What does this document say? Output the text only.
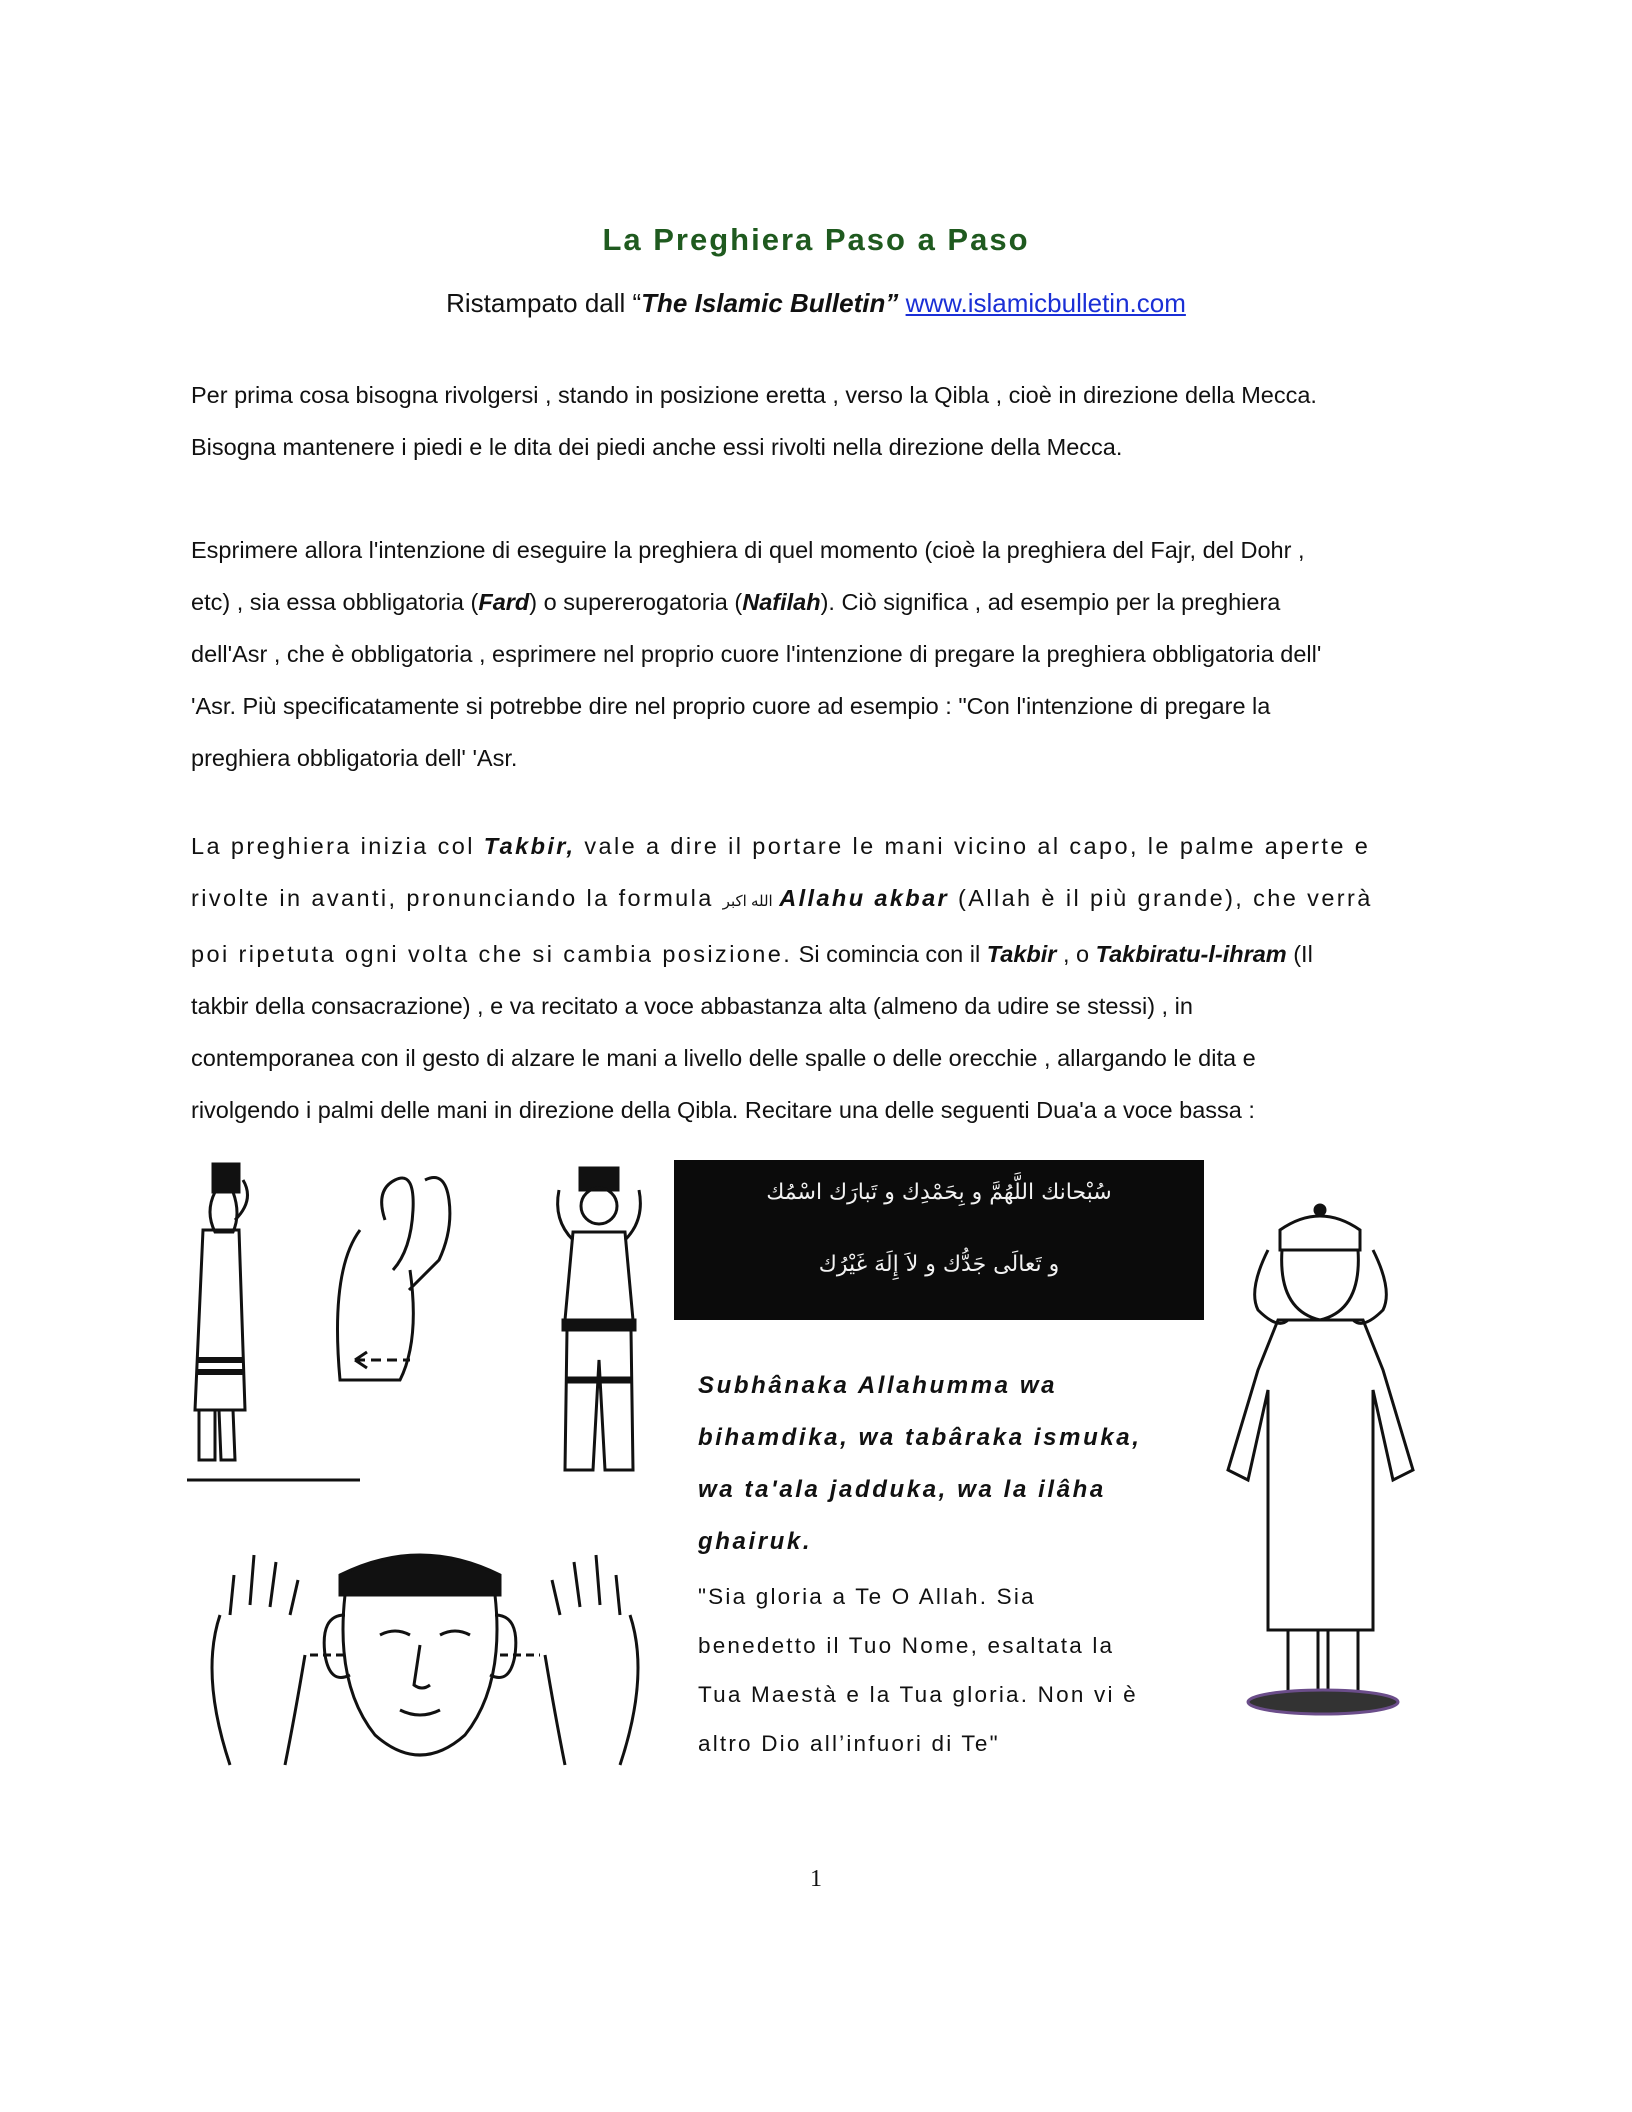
La Preghiera Paso a Paso
Ristampato dall “The Islamic Bulletin” www.islamicbulletin.com

Per prima cosa bisogna rivolgersi , stando in posizione eretta , verso la Qibla , cioè in direzione della Mecca.

Bisogna mantenere i piedi e le dita dei piedi anche essi rivolti nella direzione della Mecca.

Esprimere allora l'intenzione di eseguire la preghiera di quel momento (cioè la preghiera del Fajr, del Dohr ,

etc) , sia essa obbligatoria (Fard) o supererogatoria (Nafilah). Ciò significa , ad esempio per la preghiera

dell'Asr , che è obbligatoria , esprimere nel proprio cuore l'intenzione di pregare la preghiera obbligatoria dell'

'Asr. Più specificatamente si potrebbe dire nel proprio cuore ad esempio : "Con l'intenzione di pregare la

preghiera obbligatoria dell' 'Asr.

La preghiera inizia col Takbir, vale a dire il portare le mani vicino al capo, le palme aperte e

rivolte in avanti, pronunciando la formula الله اكبر Allahu akbar (Allah è il più grande), che verrà

poi ripetuta ogni volta che si cambia posizione. Si comincia con il Takbir , o Takbiratu-l-ihram (Il

takbir della consacrazione) , e va recitato a voce abbastanza alta (almeno da udire se stessi) , in

contemporanea con il gesto di alzare le mani a livello delle spalle o delle orecchie , allargando le dita e

rivolgendo i palmi delle mani in direzione della Qibla. Recitare una delle seguenti Dua'a a voce bassa :

سُبْحانك اللَّهُمَّ و بِحَمْدِك و تَبارَك اسْمُك
و تَعالَى جَدُّك و لاَ إِلَهَ غَيْرُك
Subhânaka Allahumma wa
bihamdika, wa tabâraka ismuka,
wa ta'ala jadduka, wa la ilâha
ghairuk.
"Sia gloria a Te O Allah. Sia
benedetto il Tuo Nome, esaltata la
Tua Maestà e la Tua gloria. Non vi è
altro Dio all’infuori di Te"
1
